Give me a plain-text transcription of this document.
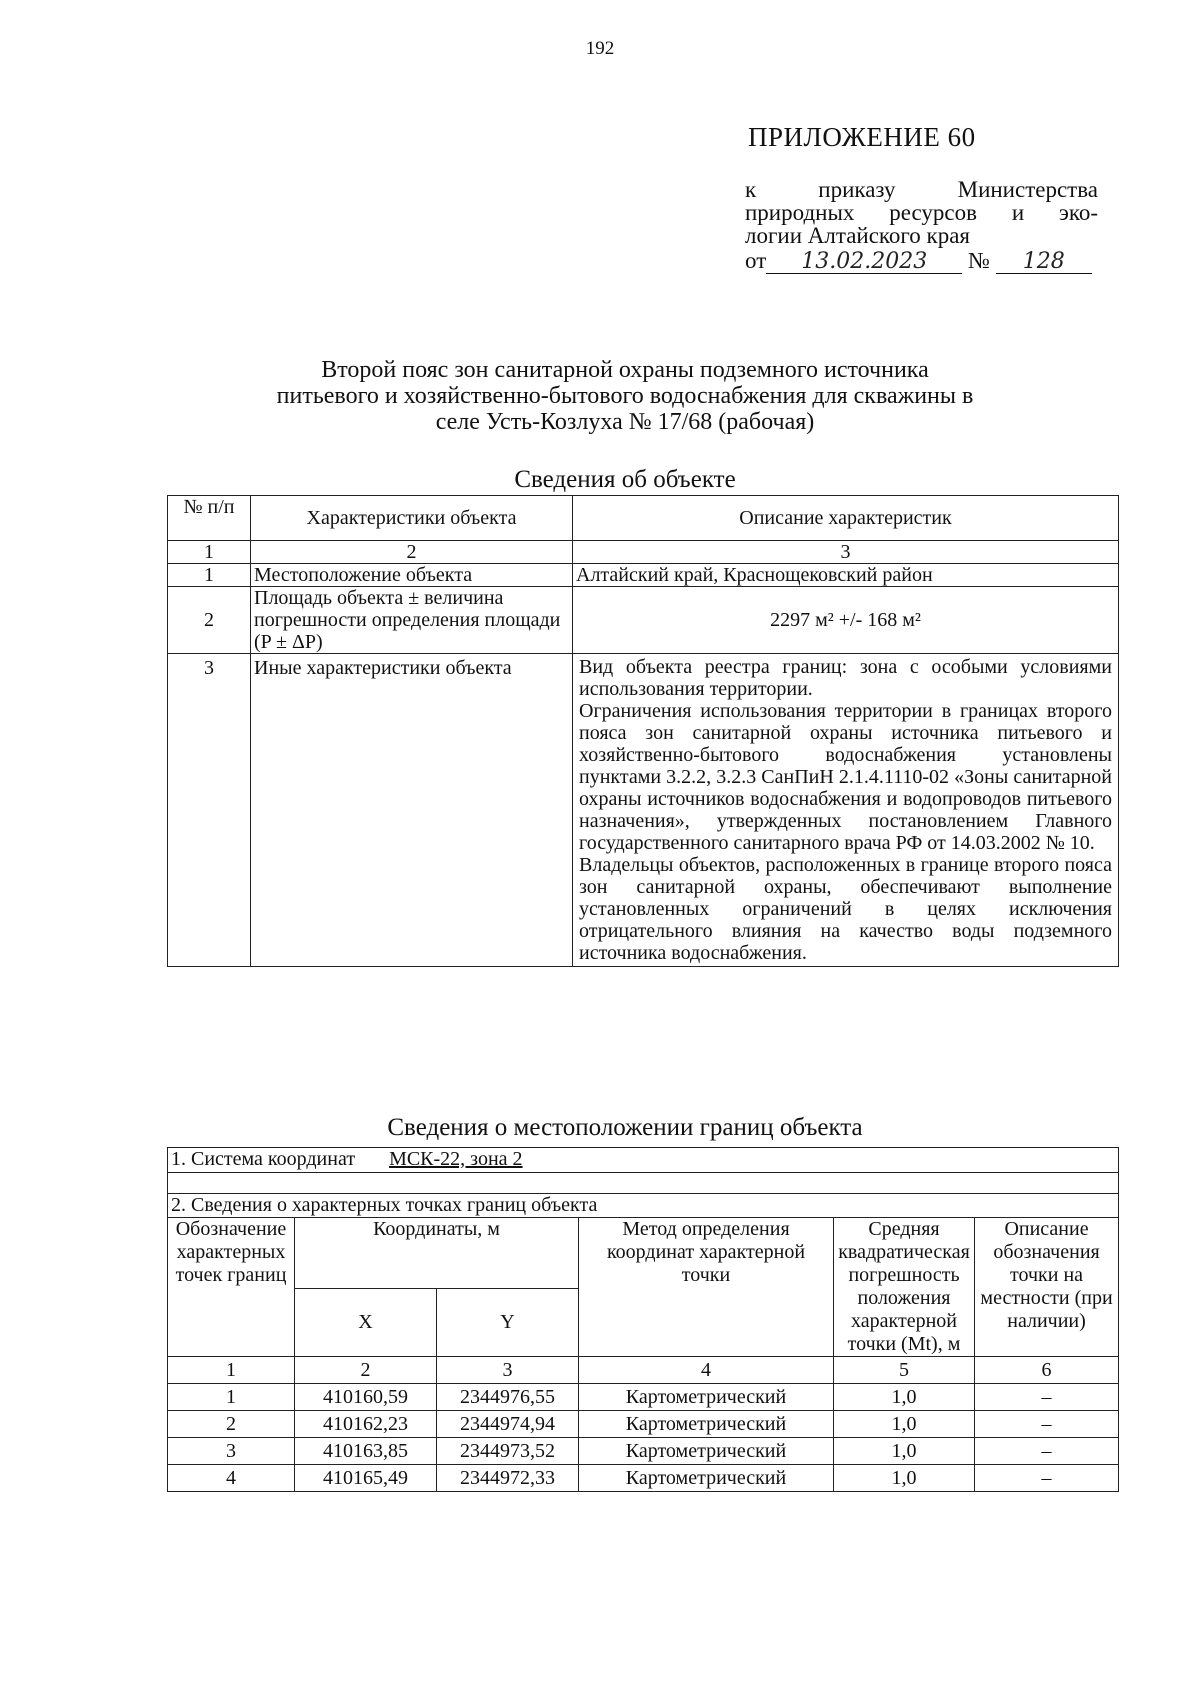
192
ПРИЛОЖЕНИЕ 60
к приказу Министерства
природных ресурсов и эко-
логии Алтайского края
от 13.02.2023 № 128
Второй пояс зон санитарной охраны подземного источника
питьевого и хозяйственно-бытового водоснабжения для скважины в
селе Усть-Козлуха № 17/68 (рабочая)
Сведения об объекте
№ п/п	Характеристики объекта	Описание характеристик
1	2	3
1	Местоположение объекта	Алтайский край, Краснощековский район
2	Площадь объекта ± величина погрешности определения площади (P ± ΔP)	2297 м² +/- 168 м²
3	Иные характеристики объекта	Вид объекта реестра границ: зона с особыми условиями использования территории.
Ограничения использования территории в границах второго пояса зон санитарной охраны источника питьевого и хозяйственно-бытового водоснабжения установлены пунктами 3.2.2, 3.2.3 СанПиН 2.1.4.1110-02 «Зоны санитарной охраны источников водоснабжения и водопроводов питьевого назначения», утвержденных постановлением Главного государственного санитарного врача РФ от 14.03.2002 № 10.
Владельцы объектов, расположенных в границе второго пояса зон санитарной охраны, обеспечивают выполнение установленных ограничений в целях исключения отрицательного влияния на качество воды подземного источника водоснабжения.
Сведения о местоположении границ объекта
1. Система координат МСК-22, зона 2					

2. Сведения о характерных точках границ объекта					
Обозначение характерных точек границ	Координаты, м		Метод определения координат характерной точки	Средняя квадратическая погрешность положения характерной точки (Mt), м	Описание обозначения точки на местности (при наличии)
	X	Y			
1	2	3	4	5	6
1	410160,59	2344976,55	Картометрический	1,0	–
2	410162,23	2344974,94	Картометрический	1,0	–
3	410163,85	2344973,52	Картометрический	1,0	–
4	410165,49	2344972,33	Картометрический	1,0	–
